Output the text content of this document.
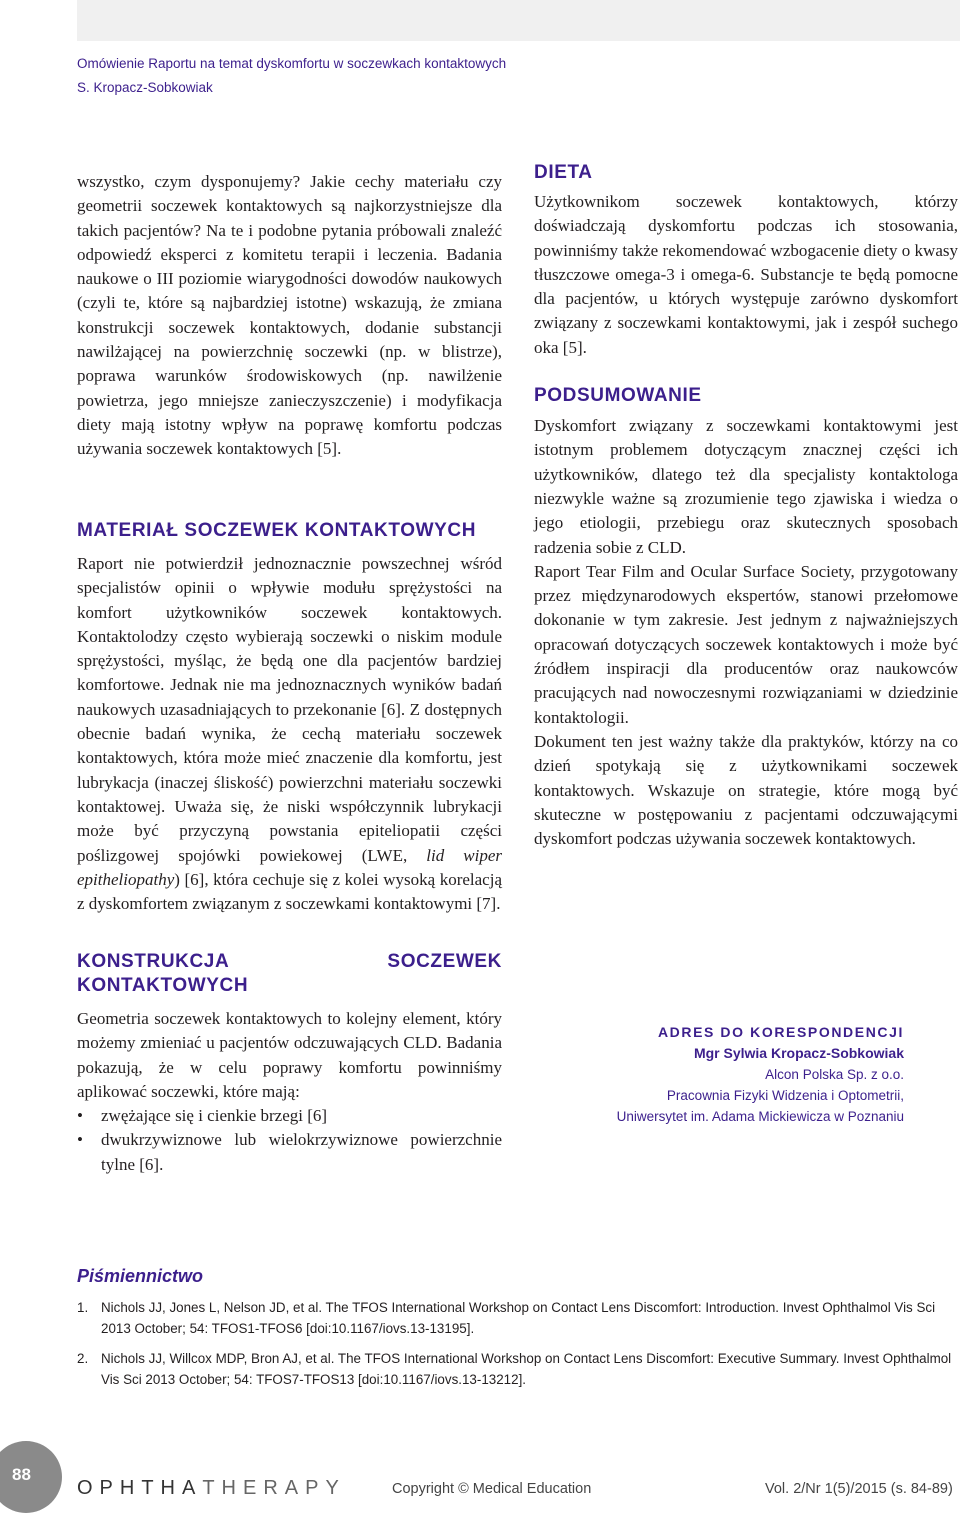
Omówienie Raportu na temat dyskomfortu w soczewkach kontaktowych
S. Kropacz-Sobkowiak

wszystko, czym dysponujemy? Jakie cechy materiału czy geometrii soczewek kontaktowych są najkorzystniejsze dla takich pacjentów? Na te i podobne pytania próbowali znaleźć odpowiedź eksperci z komitetu terapii i leczenia. Badania naukowe o III poziomie wiarygodności dowodów naukowych (czyli te, które są najbardziej istotne) wskazują, że zmiana konstrukcji soczewek kontaktowych, dodanie substancji nawilżającej na powierzchnię soczewki (np. w blistrze), poprawa warunków środowiskowych (np. nawilżenie powietrza, jego mniejsze zanieczyszczenie) i modyfikacja diety mają istotny wpływ na poprawę komfortu podczas używania soczewek kontaktowych [5].

MATERIAŁ SOCZEWEK KONTAKTOWYCH

Raport nie potwierdził jednoznacznie powszechnej wśród specjalistów opinii o wpływie modułu sprężystości na komfort użytkowników soczewek kontaktowych. Kontaktolodzy często wybierają soczewki o niskim module sprężystości, myśląc, że będą one dla pacjentów bardziej komfortowe. Jednak nie ma jednoznacznych wyników badań naukowych uzasadniających to przekonanie [6]. Z dostępnych obecnie badań wynika, że cechą materiału soczewek kontaktowych, która może mieć znaczenie dla komfortu, jest lubrykacja (inaczej śliskość) powierzchni materiału soczewki kontaktowej. Uważa się, że niski współczynnik lubrykacji może być przyczyną powstania epiteliopatii części poślizgowej spojówki powiekowej (LWE, lid wiper epitheliopathy) [6], która cechuje się z kolei wysoką korelacją z dyskomfortem związanym z soczewkami kontaktowymi [7].

KONSTRUKCJA SOCZEWEK KONTAKTOWYCH

Geometria soczewek kontaktowych to kolejny element, który możemy zmieniać u pacjentów odczuwających CLD. Badania pokazują, że w celu poprawy komfortu powinniśmy aplikować soczewki, które mają:

• zwężające się i cienkie brzegi [6]
• dwukrzywiznowe lub wielokrzywiznowe powierzchnie tylne [6].
DIETA

Użytkownikom soczewek kontaktowych, którzy doświadczają dyskomfortu podczas ich stosowania, powinniśmy także rekomendować wzbogacenie diety o kwasy tłuszczowe omega-3 i omega-6. Substancje te będą pomocne dla pacjentów, u których występuje zarówno dyskomfort związany z soczewkami kontaktowymi, jak i zespół suchego oka [5].

PODSUMOWANIE

Dyskomfort związany z soczewkami kontaktowymi jest istotnym problemem dotyczącym znacznej części ich użytkowników, dlatego też dla specjalisty kontaktologa niezwykle ważne są zrozumienie tego zjawiska i wiedza o jego etiologii, przebiegu oraz skutecznych sposobach radzenia sobie z CLD.

Raport Tear Film and Ocular Surface Society, przygotowany przez międzynarodowych ekspertów, stanowi przełomowe dokonanie w tym zakresie. Jest jednym z najważniejszych opracowań dotyczących soczewek kontaktowych i może być źródłem inspiracji dla producentów oraz naukowców pracujących nad nowoczesnymi rozwiązaniami w dziedzinie kontaktologii.

Dokument ten jest ważny także dla praktyków, którzy na co dzień spotykają się z użytkownikami soczewek kontaktowych. Wskazuje on strategie, które mogą być skuteczne w postępowaniu z pacjentami odczuwającymi dyskomfort podczas używania soczewek kontaktowych.

ADRES DO KORESPONDENCJI
Mgr Sylwia Kropacz-Sobkowiak
Alcon Polska Sp. z o.o.
Pracownia Fizyki Widzenia i Optometrii,
Uniwersytet im. Adama Mickiewicza w Poznaniu
Piśmiennictwo
1. Nichols JJ, Jones L, Nelson JD, et al. The TFOS International Workshop on Contact Lens Discomfort: Introduction. Invest Ophthalmol Vis Sci 2013 October; 54: TFOS1-TFOS6 [doi:10.1167/iovs.13-13195].
2. Nichols JJ, Willcox MDP, Bron AJ, et al. The TFOS International Workshop on Contact Lens Discomfort: Executive Summary. Invest Ophthalmol Vis Sci 2013 October; 54: TFOS7-TFOS13 [doi:10.1167/iovs.13-13212].
88
OPHTHATHERAPY	Copyright © Medical Education	Vol. 2/Nr 1(5)/2015 (s. 84-89)
